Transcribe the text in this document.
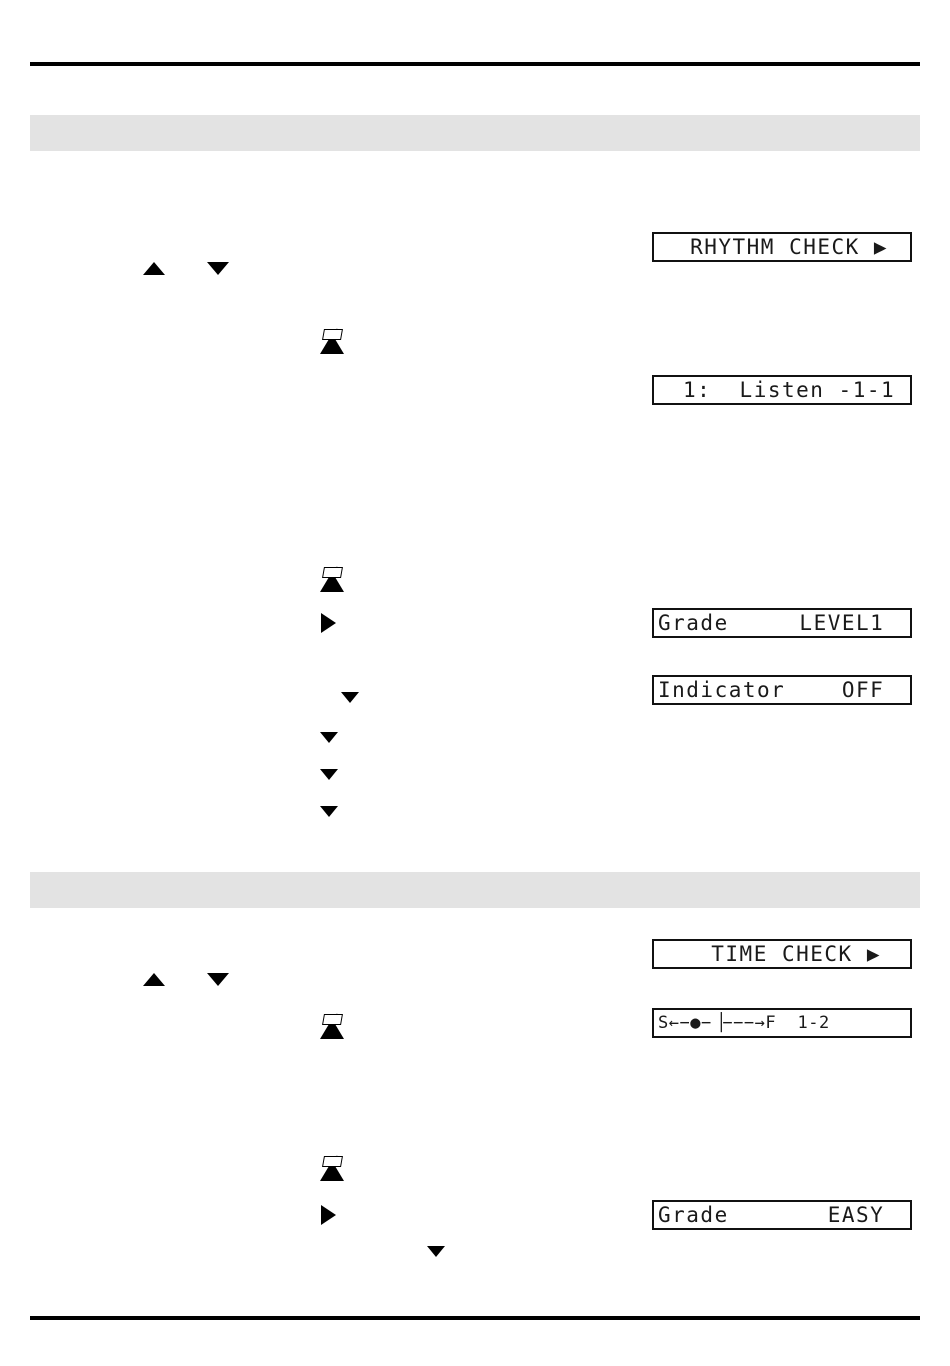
RHYTHM CHECK ▶
1:  Listen -1-1
Grade     LEVEL1
Indicator    OFF
TIME CHECK ▶
S←−●−▕−−−→F  1-2
Grade       EASY
